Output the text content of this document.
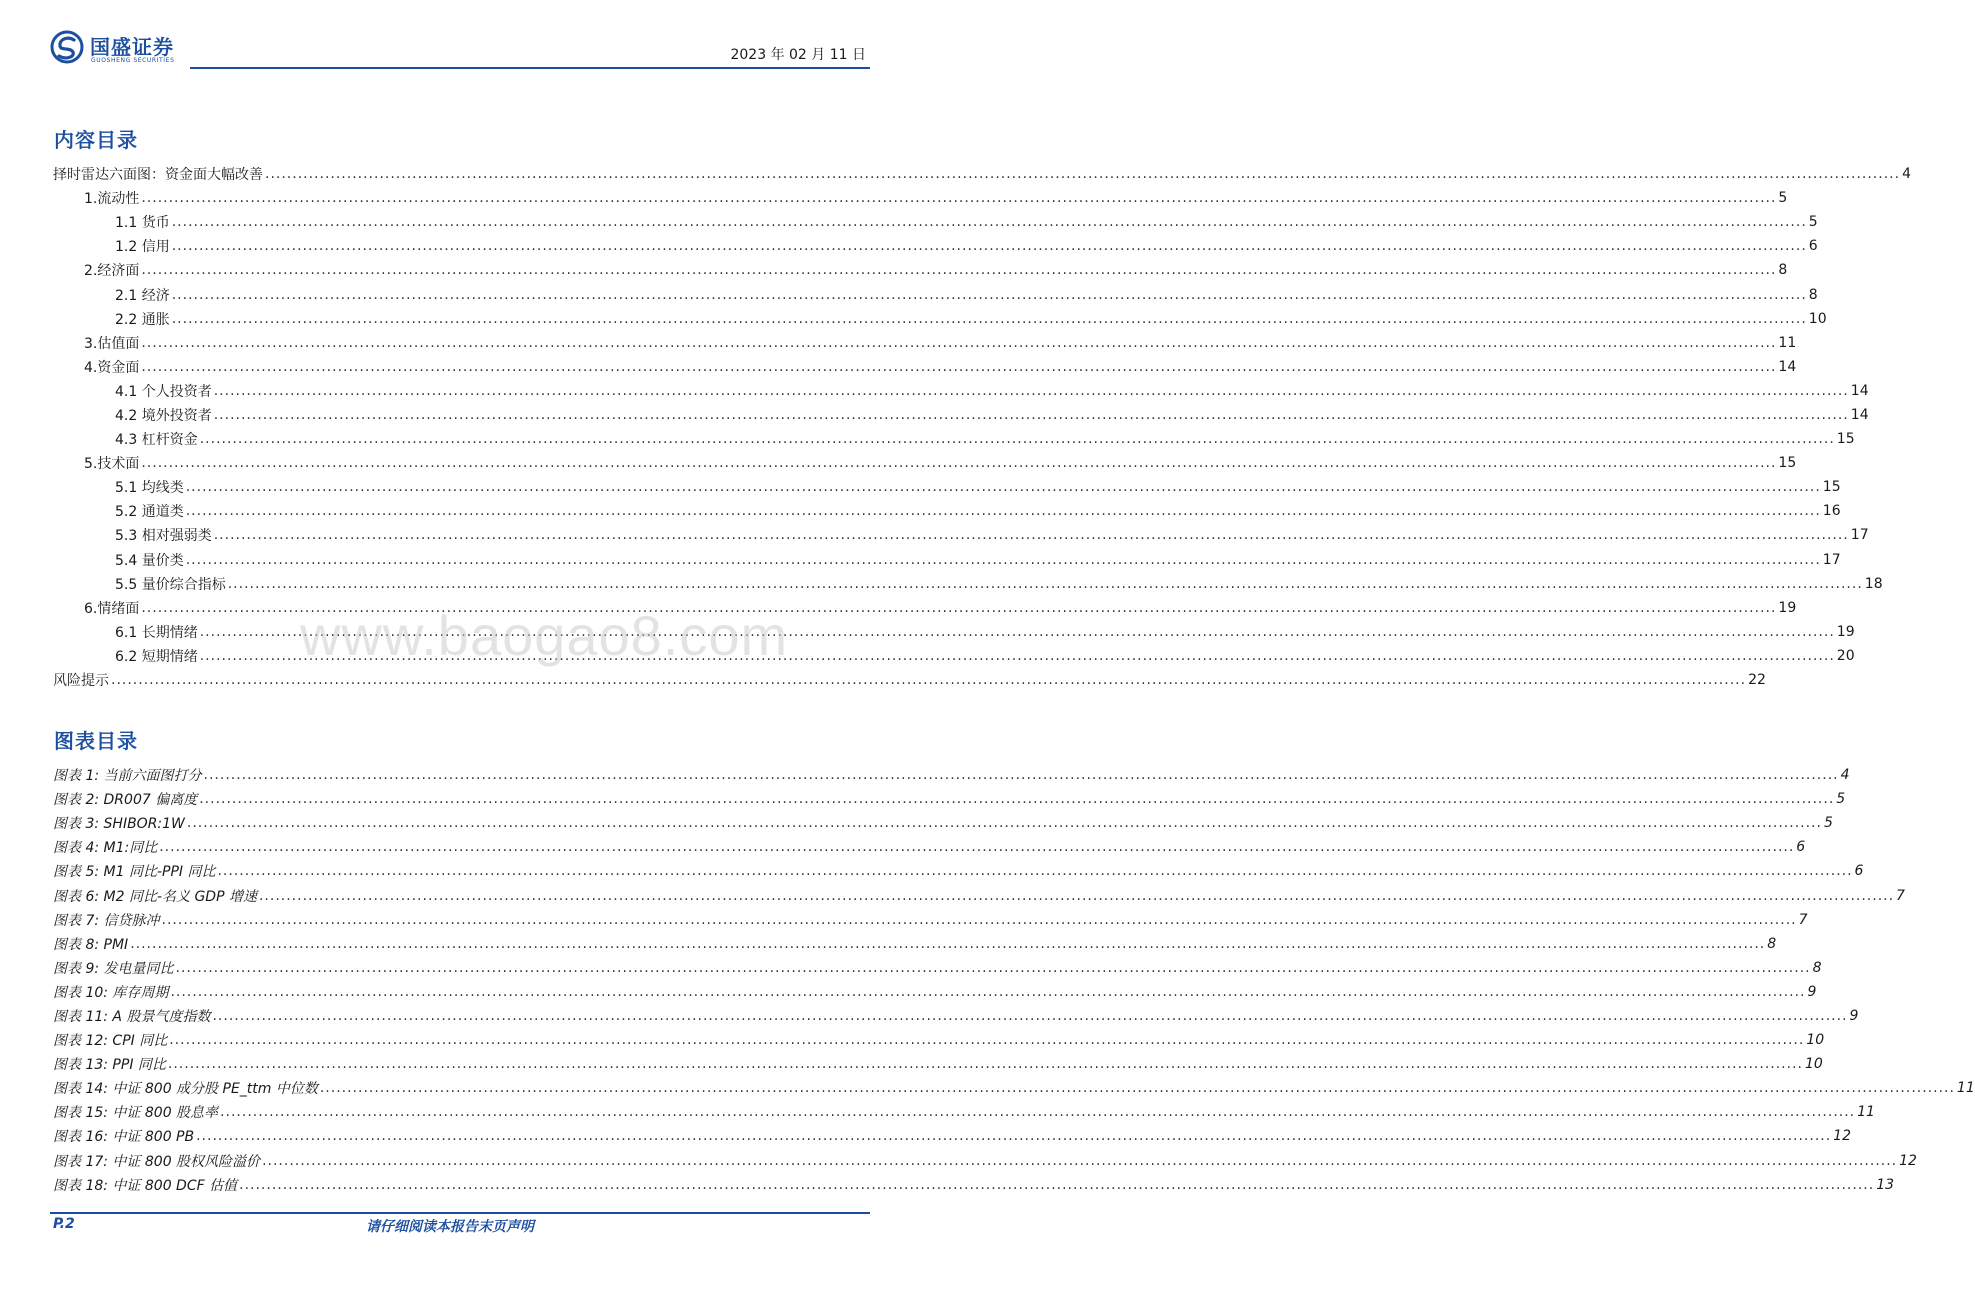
国盛证券
GUOSHENG SECURITIES	2023 年 02 月 11 日
内容目录
择时雷达六面图：资金面大幅改善 ............................................................................................................................................................................................................................................................................................................ 4
1.流动性 ............................................................................................................................................................................................................................................................................................................ 5
1.1 货币 ............................................................................................................................................................................................................................................................................................................ 5
1.2 信用 ............................................................................................................................................................................................................................................................................................................ 6
2.经济面 ............................................................................................................................................................................................................................................................................................................ 8
2.1 经济 ............................................................................................................................................................................................................................................................................................................ 8
2.2 通胀 ............................................................................................................................................................................................................................................................................................................ 10
3.估值面 ............................................................................................................................................................................................................................................................................................................ 11
4.资金面 ............................................................................................................................................................................................................................................................................................................ 14
4.1 个人投资者 ............................................................................................................................................................................................................................................................................................................ 14
4.2 境外投资者 ............................................................................................................................................................................................................................................................................................................ 14
4.3 杠杆资金 ............................................................................................................................................................................................................................................................................................................ 15
5.技术面 ............................................................................................................................................................................................................................................................................................................ 15
5.1 均线类 ............................................................................................................................................................................................................................................................................................................ 15
5.2 通道类 ............................................................................................................................................................................................................................................................................................................ 16
5.3 相对强弱类 ............................................................................................................................................................................................................................................................................................................ 17
5.4 量价类 ............................................................................................................................................................................................................................................................................................................ 17
5.5 量价综合指标 ............................................................................................................................................................................................................................................................................................................ 18
6.情绪面 ............................................................................................................................................................................................................................................................................................................ 19
6.1 长期情绪 ............................................................................................................................................................................................................................................................................................................ 19
6.2 短期情绪 ............................................................................................................................................................................................................................................................................................................ 20
风险提示 ............................................................................................................................................................................................................................................................................................................ 22
图表目录
图表 1: 当前六面图打分 ............................................................................................................................................................................................................................................................................................................ 4
图表 2: DR007 偏离度 ............................................................................................................................................................................................................................................................................................................ 5
图表 3: SHIBOR:1W ............................................................................................................................................................................................................................................................................................................ 5
图表 4: M1:同比 ............................................................................................................................................................................................................................................................................................................ 6
图表 5: M1 同比-PPI 同比 ............................................................................................................................................................................................................................................................................................................ 6
图表 6: M2 同比-名义 GDP 增速 ............................................................................................................................................................................................................................................................................................................ 7
图表 7: 信贷脉冲 ............................................................................................................................................................................................................................................................................................................ 7
图表 8: PMI ............................................................................................................................................................................................................................................................................................................ 8
图表 9: 发电量同比 ............................................................................................................................................................................................................................................................................................................ 8
图表 10: 库存周期 ............................................................................................................................................................................................................................................................................................................ 9
图表 11: A 股景气度指数 ............................................................................................................................................................................................................................................................................................................ 9
图表 12: CPI 同比 ............................................................................................................................................................................................................................................................................................................ 10
图表 13: PPI 同比 ............................................................................................................................................................................................................................................................................................................ 10
图表 14: 中证 800 成分股 PE_ttm 中位数 ............................................................................................................................................................................................................................................................................................................ 11
图表 15: 中证 800 股息率 ............................................................................................................................................................................................................................................................................................................ 11
图表 16: 中证 800 PB ............................................................................................................................................................................................................................................................................................................ 12
图表 17: 中证 800 股权风险溢价 ............................................................................................................................................................................................................................................................................................................ 12
图表 18: 中证 800 DCF 估值 ............................................................................................................................................................................................................................................................................................................ 13
www.baogao8.com
P.2	请仔细阅读本报告末页声明
